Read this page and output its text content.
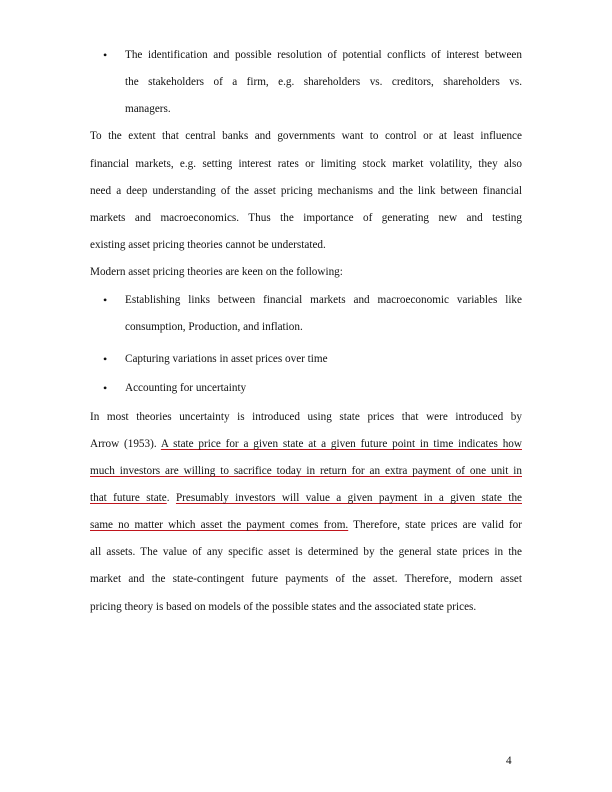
•	The identification and possible resolution of potential conflicts of interest between

the stakeholders of a firm, e.g. shareholders vs. creditors, shareholders vs.

managers.

To the extent that central banks and governments want to control or at least influence

financial markets, e.g. setting interest rates or limiting stock market volatility, they also

need a deep understanding of the asset pricing mechanisms and the link between financial

markets and macroeconomics. Thus the importance of generating new and testing

existing asset pricing theories cannot be understated.

Modern asset pricing theories are keen on the following:

•	Establishing links between financial markets and macroeconomic variables like

consumption, Production, and inflation.

•	Capturing variations in asset prices over time

•	Accounting for uncertainty

In most theories uncertainty is introduced using state prices that were introduced by

Arrow (1953). A state price for a given state at a given future point in time indicates how

much investors are willing to sacrifice today in return for an extra payment of one unit in

that future state. Presumably investors will value a given payment in a given state the

same no matter which asset the payment comes from. Therefore, state prices are valid for

all assets. The value of any specific asset is determined by the general state prices in the

market and the state-contingent future payments of the asset. Therefore, modern asset

pricing theory is based on models of the possible states and the associated state prices.

4
